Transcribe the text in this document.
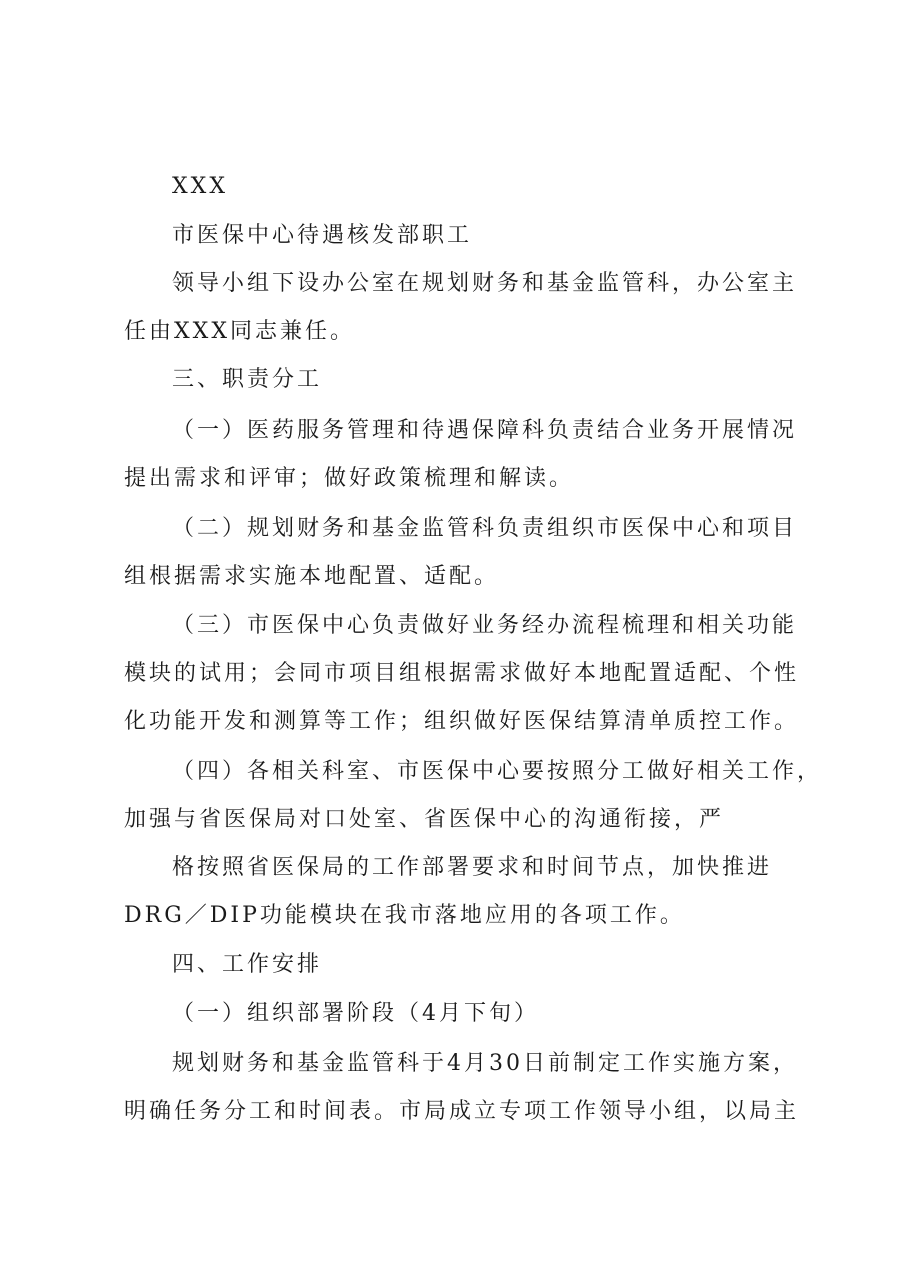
XXX
市医保中心待遇核发部职工
领导小组下设办公室在规划财务和基金监管科，办公室主
任由XXX同志兼任。
三、职责分工
（一）医药服务管理和待遇保障科负责结合业务开展情况
提出需求和评审；做好政策梳理和解读。
（二）规划财务和基金监管科负责组织市医保中心和项目
组根据需求实施本地配置、适配。
（三）市医保中心负责做好业务经办流程梳理和相关功能
模块的试用；会同市项目组根据需求做好本地配置适配、个性
化功能开发和测算等工作；组织做好医保结算清单质控工作。
（四）各相关科室、市医保中心要按照分工做好相关工作，
加强与省医保局对口处室、省医保中心的沟通衔接，严
格按照省医保局的工作部署要求和时间节点，加快推进
DRG／DIP功能模块在我市落地应用的各项工作。
四、工作安排
（一）组织部署阶段（4月下旬）
规划财务和基金监管科于4月30日前制定工作实施方案，
明确任务分工和时间表。市局成立专项工作领导小组，以局主
